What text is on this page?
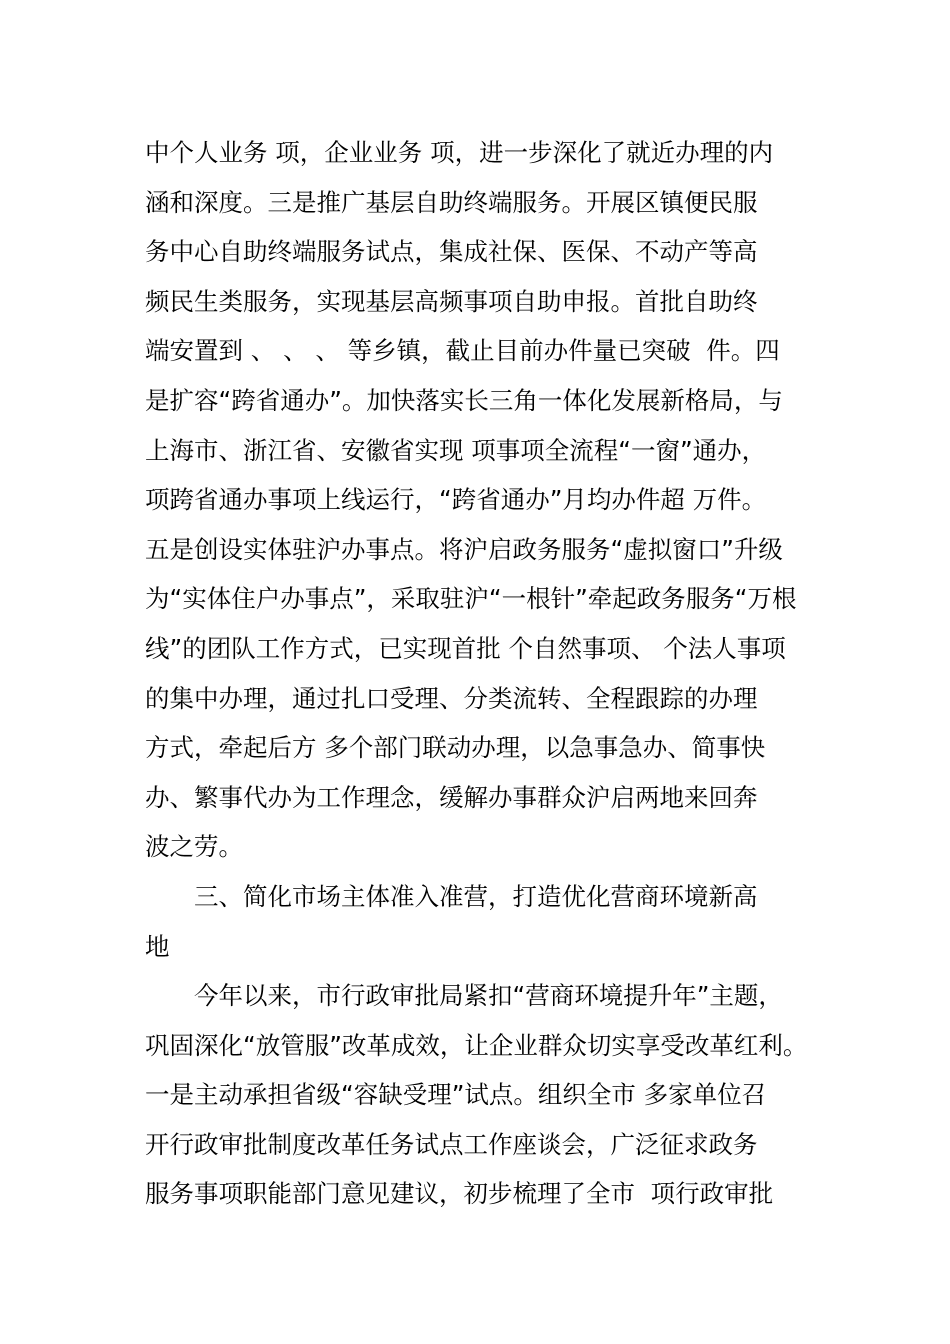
中个人业务 项，企业业务 项，进一步深化了就近办理的内
涵和深度。三是推广基层自助终端服务。开展区镇便民服
务中心自助终端服务试点，集成社保、医保、不动产等高
频民生类服务，实现基层高频事项自助申报。首批自助终
端安置到 、 、 、 等乡镇，截止目前办件量已突破  件。四
是扩容“跨省通办”。加快落实长三角一体化发展新格局，与
上海市、浙江省、安徽省实现 项事项全流程“一窗”通办，
项跨省通办事项上线运行，“跨省通办”月均办件超 万件。
五是创设实体驻沪办事点。将沪启政务服务“虚拟窗口”升级
为“实体住户办事点”，采取驻沪“一根针”牵起政务服务“万根
线”的团队工作方式，已实现首批 个自然事项、 个法人事项
的集中办理，通过扎口受理、分类流转、全程跟踪的办理
方式，牵起后方 多个部门联动办理，以急事急办、简事快
办、繁事代办为工作理念，缓解办事群众沪启两地来回奔
波之劳。
三、简化市场主体准入准营，打造优化营商环境新高
地
今年以来，市行政审批局紧扣“营商环境提升年”主题，
巩固深化“放管服”改革成效，让企业群众切实享受改革红利。
一是主动承担省级“容缺受理”试点。组织全市 多家单位召
开行政审批制度改革任务试点工作座谈会，广泛征求政务
服务事项职能部门意见建议，初步梳理了全市  项行政审批
